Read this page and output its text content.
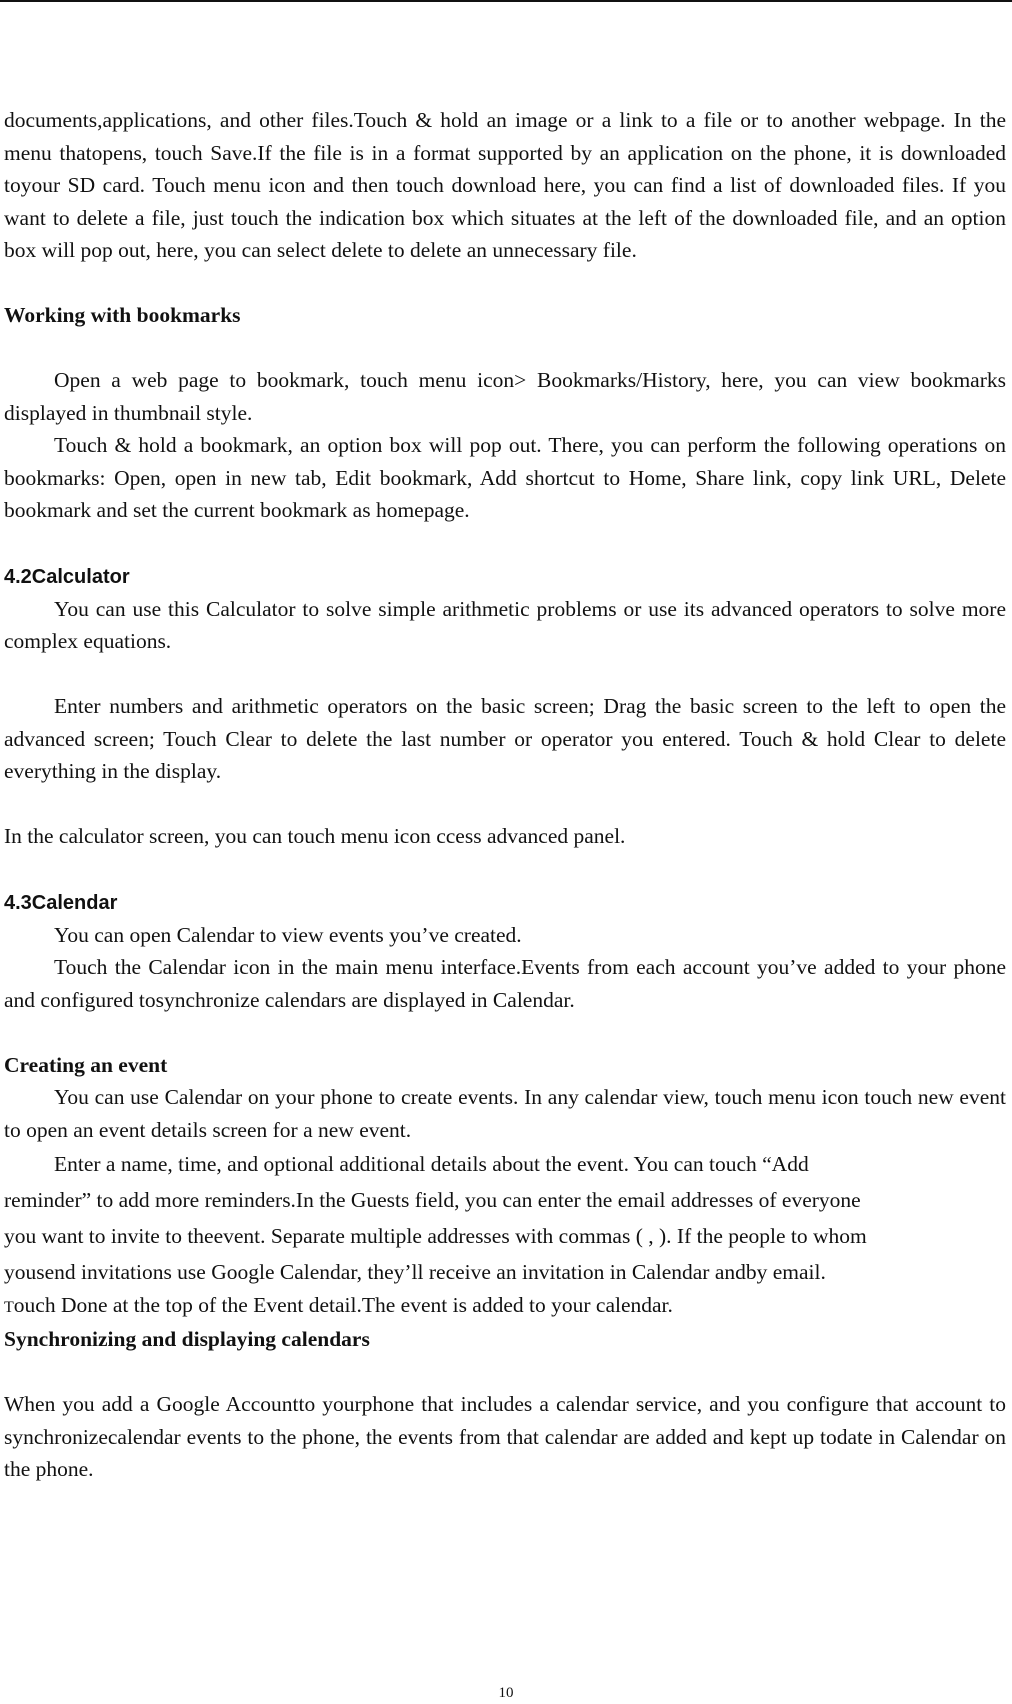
documents,applications, and other files.Touch & hold an image or a link to a file or to another webpage. In the menu thatopens, touch Save.If the file is in a format supported by an application on the phone, it is downloaded toyour SD card. Touch menu icon and then touch download here, you can find a list of downloaded files. If you want to delete a file, just touch the indication box which situates at the left of the downloaded file, and an option box will pop out, here, you can select delete to delete an unnecessary file.

Working with bookmarks

Open a web page to bookmark, touch menu icon> Bookmarks/History, here, you can view bookmarks displayed in thumbnail style.

Touch & hold a bookmark, an option box will pop out. There, you can perform the following operations on bookmarks: Open, open in new tab, Edit bookmark, Add shortcut to Home, Share link, copy link URL, Delete bookmark and set the current bookmark as homepage.

4.2Calculator

You can use this Calculator to solve simple arithmetic problems or use its advanced operators to solve more complex equations.

Enter numbers and arithmetic operators on the basic screen; Drag the basic screen to the left to open the advanced screen; Touch Clear to delete the last number or operator you entered. Touch & hold Clear to delete everything in the display.

In the calculator screen, you can touch menu icon ccess advanced panel.

4.3Calendar

You can open Calendar to view events you’ve created.

Touch the Calendar icon in the main menu interface.Events from each account you’ve added to your phone and configured tosynchronize calendars are displayed in Calendar.

Creating an event

You can use Calendar on your phone to create events. In any calendar view, touch menu icon touch new event to open an event details screen for a new event.

Enter a name, time, and optional additional details about the event. You can touch “Add

reminder” to add more reminders.In the Guests field, you can enter the email addresses of everyone

you want to invite to theevent. Separate multiple addresses with commas ( , ). If the people to whom

yousend invitations use Google Calendar, they’ll receive an invitation in Calendar andby email.

Touch Done at the top of the Event detail.The event is added to your calendar.

Synchronizing and displaying calendars

When you add a Google Accountto yourphone that includes a calendar service, and you configure that account to synchronizecalendar events to the phone, the events from that calendar are added and kept up todate in Calendar on the phone.

10
